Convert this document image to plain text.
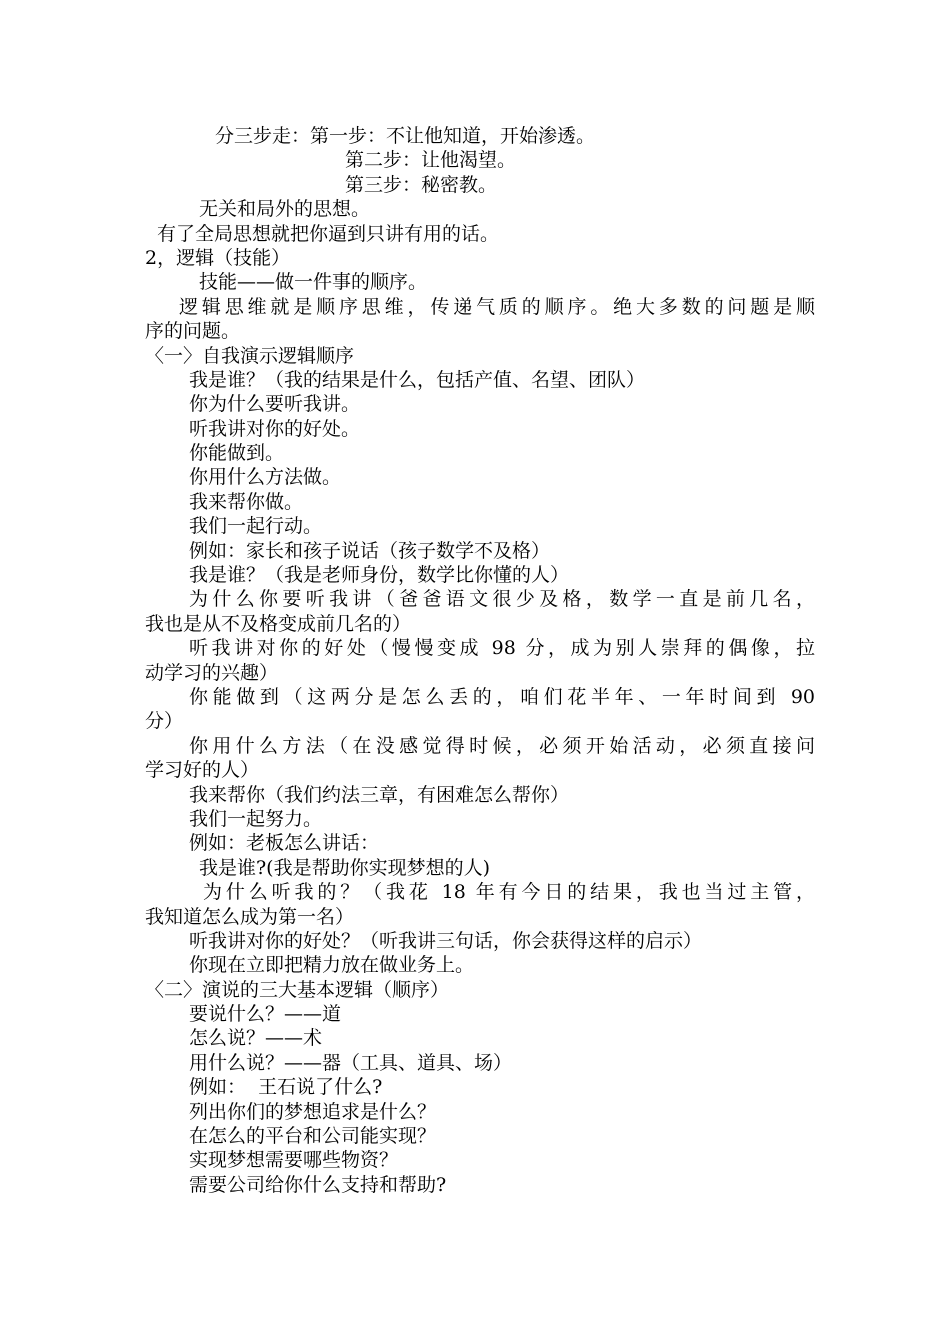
分三步走：第一步：不让他知道，开始渗透。
第二步：让他渴望。
第三步：秘密教。
无关和局外的思想。
有了全局思想就把你逼到只讲有用的话。
2，逻辑（技能）
技能——做一件事的顺序。
逻辑思维就是顺序思维，传递气质的顺序。绝大多数的问题是顺
序的问题。
〈一〉自我演示逻辑顺序
我是谁？（我的结果是什么，包括产值、名望、团队）
你为什么要听我讲。
听我讲对你的好处。
你能做到。
你用什么方法做。
我来帮你做。
我们一起行动。
例如：家长和孩子说话（孩子数学不及格）
我是谁？（我是老师身份，数学比你懂的人）
为什么你要听我讲（爸爸语文很少及格，数学一直是前几名，
我也是从不及格变成前几名的）
听我讲对你的好处（慢慢变成 98 分，成为别人崇拜的偶像，拉
动学习的兴趣）
你能做到（这两分是怎么丢的，咱们花半年、一年时间到 90
分）
你用什么方法（在没感觉得时候，必须开始活动，必须直接问
学习好的人）
我来帮你（我们约法三章，有困难怎么帮你）
我们一起努力。
例如：老板怎么讲话：
我是谁?(我是帮助你实现梦想的人)
为什么听我的？（我花 18 年有今日的结果，我也当过主管，
我知道怎么成为第一名）
听我讲对你的好处？（听我讲三句话，你会获得这样的启示）
你现在立即把精力放在做业务上。
〈二〉演说的三大基本逻辑（顺序）
要说什么？——道
怎么说？——术
用什么说？——器（工具、道具、场）
例如：  王石说了什么?
列出你们的梦想追求是什么？
在怎么的平台和公司能实现？
实现梦想需要哪些物资？
需要公司给你什么支持和帮助?
